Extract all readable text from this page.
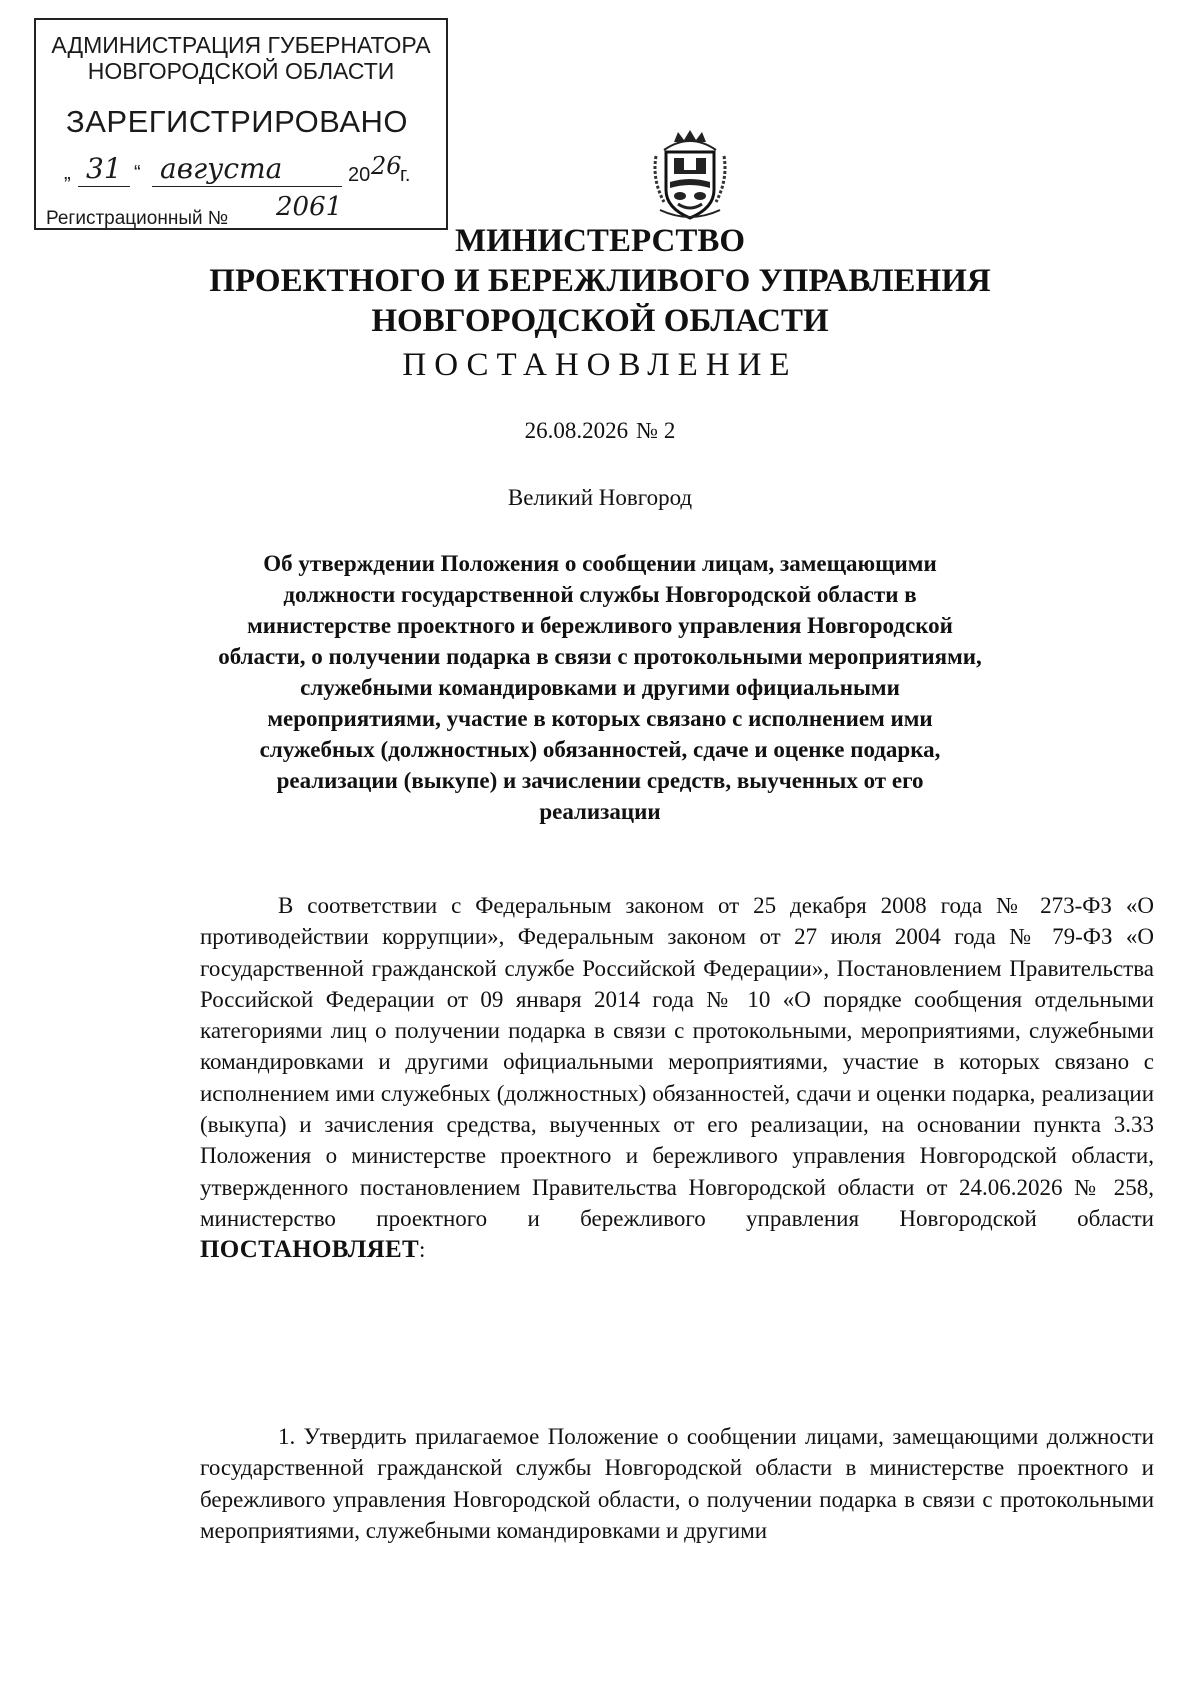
АДМИНИСТРАЦИЯ ГУБЕРНАТОРА
НОВГОРОДСКОЙ ОБЛАСТИ
ЗАРЕГИСТРИРОВАНО
„ 31 “ августа	20 26
г.
Регистрационный № 2061
МИНИСТЕРСТВО
ПРОЕКТНОГО И БЕРЕЖЛИВОГО УПРАВЛЕНИЯ
НОВГОРОДСКОЙ ОБЛАСТИ
ПОСТАНОВЛЕНИЕ
26.08.2026 № 2
Великий Новгород
Об утверждении Положения о сообщении лицам, замещающими
должности государственной службы Новгородской области в
министерстве проектного и бережливого управления Новгородской
области, о получении подарка в связи с протокольными мероприятиями,
служебными командировками и другими официальными
мероприятиями, участие в которых связано с исполнением ими
служебных (должностных) обязанностей, сдаче и оценке подарка,
реализации (выкупе) и зачислении средств, выученных от его
реализации
В соответствии с Федеральным законом от 25 декабря 2008 года № 273-ФЗ «О противодействии коррупции», Федеральным законом от 27 июля 2004 года № 79-ФЗ «О государственной гражданской службе Российской Федерации», Постановлением Правительства Российской Федерации от 09 января 2014 года № 10 «О порядке сообщения отдельными категориями лиц о получении подарка в связи с протокольными, мероприятиями, служебными командировками и другими официальными мероприятиями, участие в которых связано с исполнением ими служебных (должностных) обязанностей, сдачи и оценки подарка, реализации (выкупа) и зачисления средства, выученных от его реализации, на основании пункта 3.33 Положения о министерстве проектного и бережливого управления Новгородской области, утвержденного постановлением Правительства Новгородской области от 24.06.2026 № 258, министерство проектного и бережливого управления Новгородской области ПОСТАНОВЛЯЕТ:
1. Утвердить прилагаемое Положение о сообщении лицами, замещающими должности государственной гражданской службы Новгородской области в министерстве проектного и бережливого управления Новгородской области, о получении подарка в связи с протокольными мероприятиями, служебными командировками и другими
